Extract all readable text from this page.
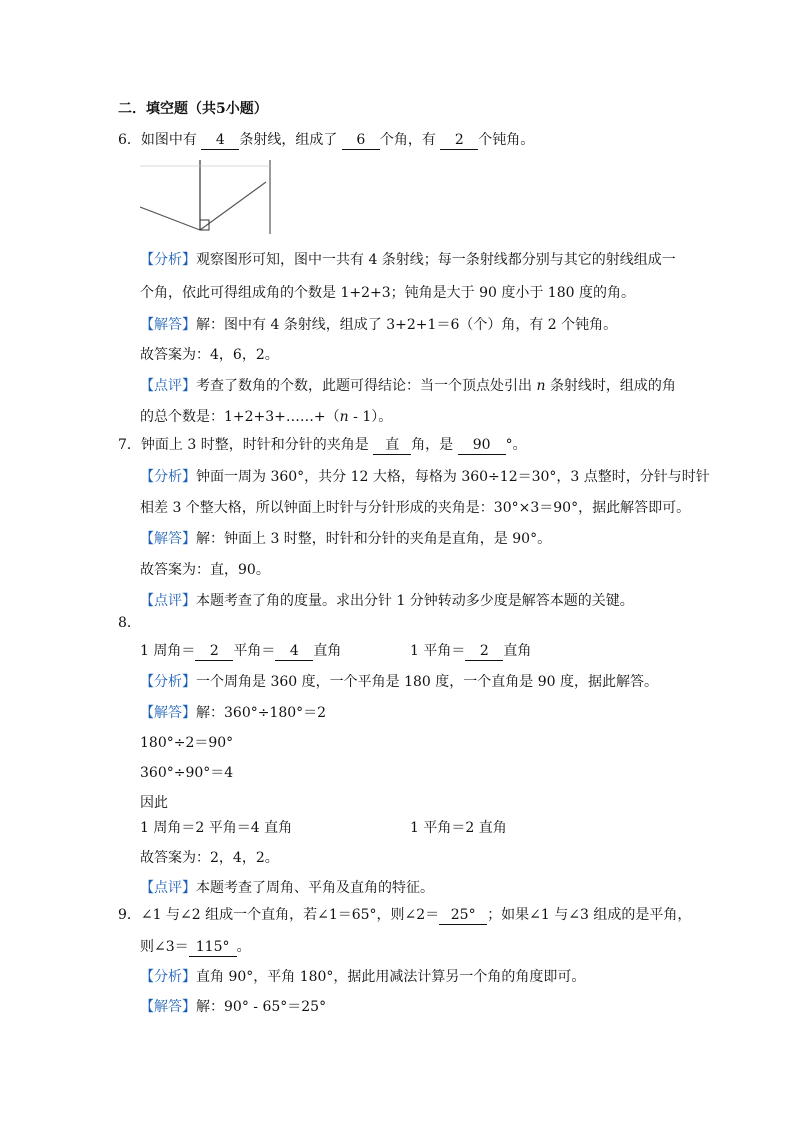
二．填空题（共5小题）
6．如图中有 4 条射线，组成了 6 个角，有 2 个钝角。
【分析】观察图形可知，图中一共有 4 条射线；每一条射线都分别与其它的射线组成一
个角，依此可得组成角的个数是 1+2+3；钝角是大于 90 度小于 180 度的角。
【解答】解：图中有 4 条射线，组成了 3+2+1＝6（个）角，有 2 个钝角。
故答案为：4，6，2。
【点评】考查了数角的个数，此题可得结论：当一个顶点处引出 n 条射线时，组成的角
的总个数是：1+2+3+……+（n - 1）。
7．钟面上 3 时整，时针和分针的夹角是 直 角，是 90 °。
【分析】钟面一周为 360°，共分 12 大格，每格为 360÷12＝30°，3 点整时，分针与时针
相差 3 个整大格，所以钟面上时针与分针形成的夹角是：30°×3＝90°，据此解答即可。
【解答】解：钟面上 3 时整，时针和分针的夹角是直角，是 90°。
故答案为：直，90。
【点评】本题考查了角的度量。求出分针 1 分钟转动多少度是解答本题的关键。
8．
1 周角＝ 2 平角＝ 4 直角	1 平角＝ 2 直角
【分析】一个周角是 360 度，一个平角是 180 度，一个直角是 90 度，据此解答。
【解答】解：360°÷180°＝2
180°÷2＝90°
360°÷90°＝4
因此
1 周角＝2 平角＝4 直角	1 平角＝2 直角
故答案为：2，4，2。
【点评】本题考查了周角、平角及直角的特征。
9．∠1 与∠2 组成一个直角，若∠1＝65°，则∠2＝ 25° ；如果∠1 与∠3 组成的是平角，
则∠3＝ 115° 。
【分析】直角 90°，平角 180°，据此用减法计算另一个角的角度即可。
【解答】解：90° - 65°＝25°
